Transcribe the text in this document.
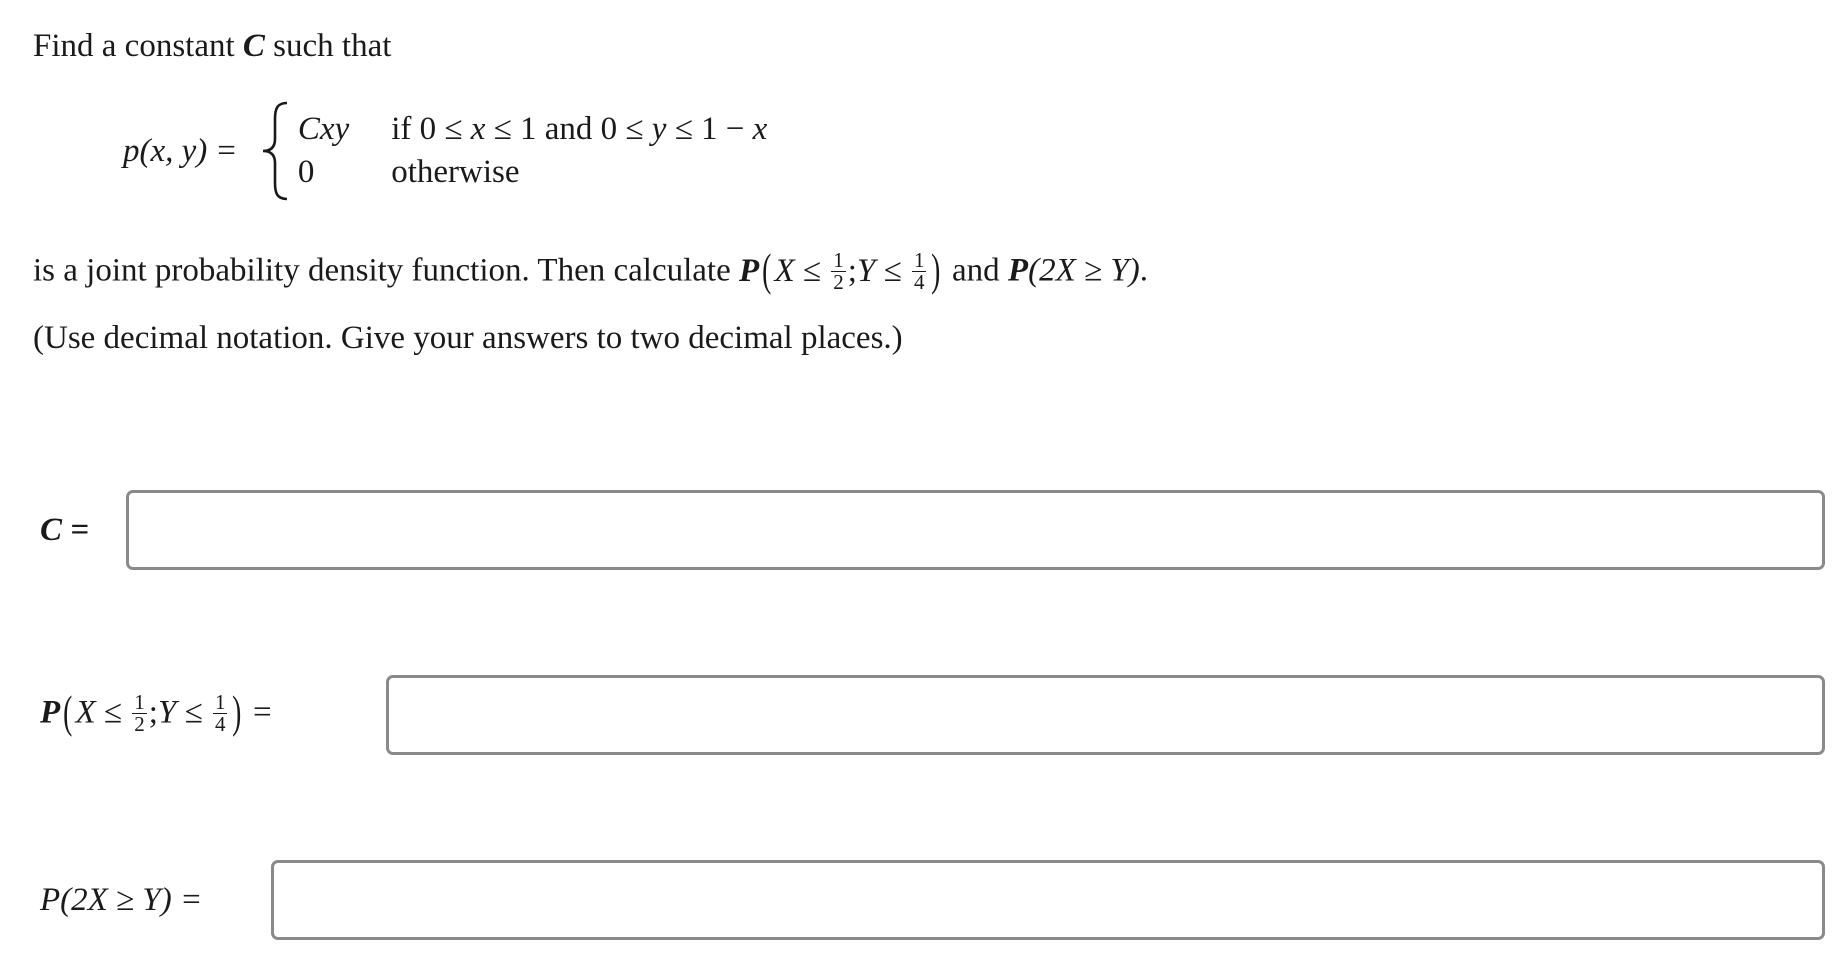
Find a constant C such that
p(x, y) =
Cxy if 0 ≤ x ≤ 1 and 0 ≤ y ≤ 1 − x
0	otherwise
is a joint probability density function. Then calculate $P(X \le \frac{1}{2}$ ;Y ≤ $\frac{1}{4}$ ) and P(2X ≥ Y).
(Use decimal notation. Give your answers to two decimal places.)
C =
$P(X \le \frac{1}{2}$ ;Y ≤ $\frac{1}{4}$ ) =
P(2X ≥ Y) =
